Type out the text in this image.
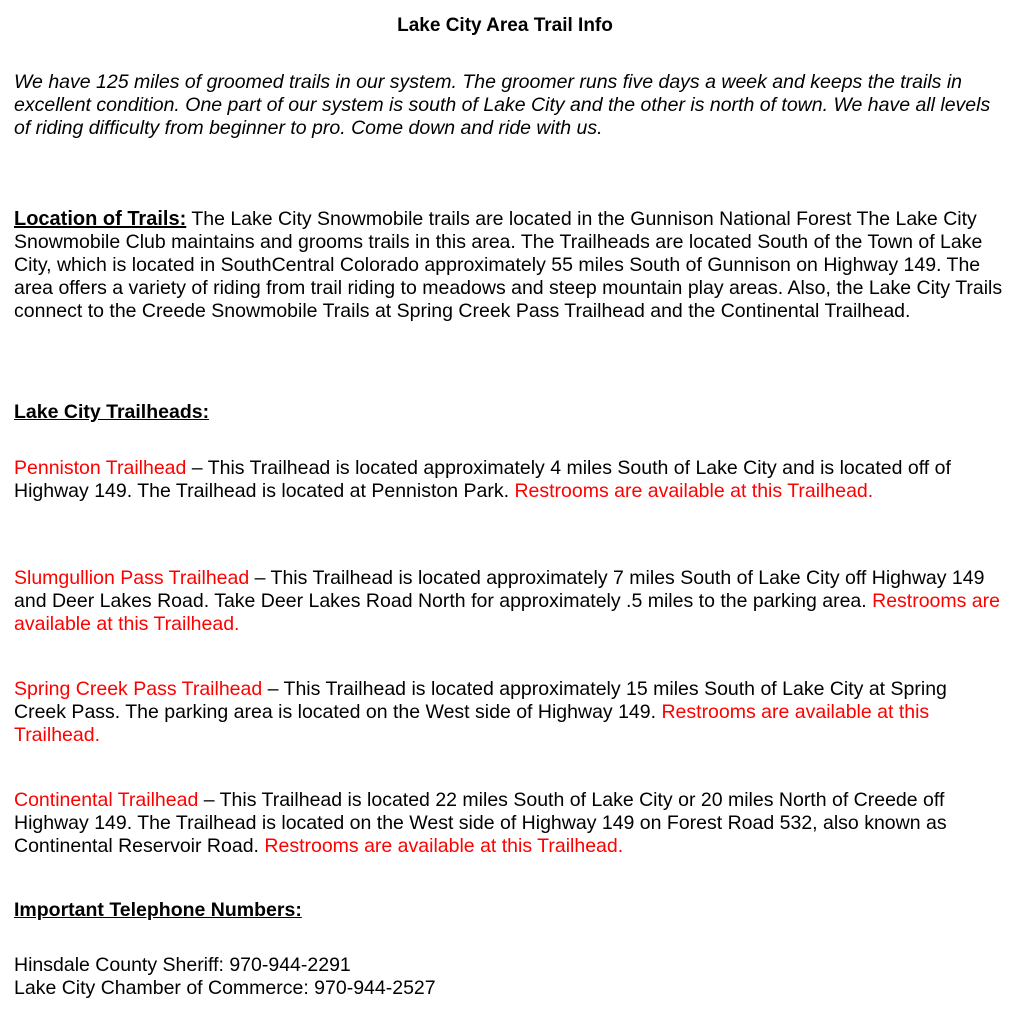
Lake City Area Trail Info

We have 125 miles of groomed trails in our system. The groomer runs five days a week and keeps the trails in excellent condition. One part of our system is south of Lake City and the other is north of town. We have all levels of riding difficulty from beginner to pro. Come down and ride with us.

Location of Trails: The Lake City Snowmobile trails are located in the Gunnison National Forest The Lake City Snowmobile Club maintains and grooms trails in this area. The Trailheads are located South of the Town of Lake City, which is located in SouthCentral Colorado approximately 55 miles South of Gunnison on Highway 149. The area offers a variety of riding from trail riding to meadows and steep mountain play areas. Also, the Lake City Trails connect to the Creede Snowmobile Trails at Spring Creek Pass Trailhead and the Continental Trailhead.

Lake City Trailheads:

Penniston Trailhead – This Trailhead is located approximately 4 miles South of Lake City and is located off of Highway 149. The Trailhead is located at Penniston Park. Restrooms are available at this Trailhead.

Slumgullion Pass Trailhead – This Trailhead is located approximately 7 miles South of Lake City off Highway 149 and Deer Lakes Road. Take Deer Lakes Road North for approximately .5 miles to the parking area. Restrooms are available at this Trailhead.

Spring Creek Pass Trailhead – This Trailhead is located approximately 15 miles South of Lake City at Spring Creek Pass. The parking area is located on the West side of Highway 149. Restrooms are available at this Trailhead.

Continental Trailhead – This Trailhead is located 22 miles South of Lake City or 20 miles North of Creede off Highway 149. The Trailhead is located on the West side of Highway 149 on Forest Road 532, also known as Continental Reservoir Road. Restrooms are available at this Trailhead.

Important Telephone Numbers:

Hinsdale County Sheriff: 970-944-2291
Lake City Chamber of Commerce: 970-944-2527
